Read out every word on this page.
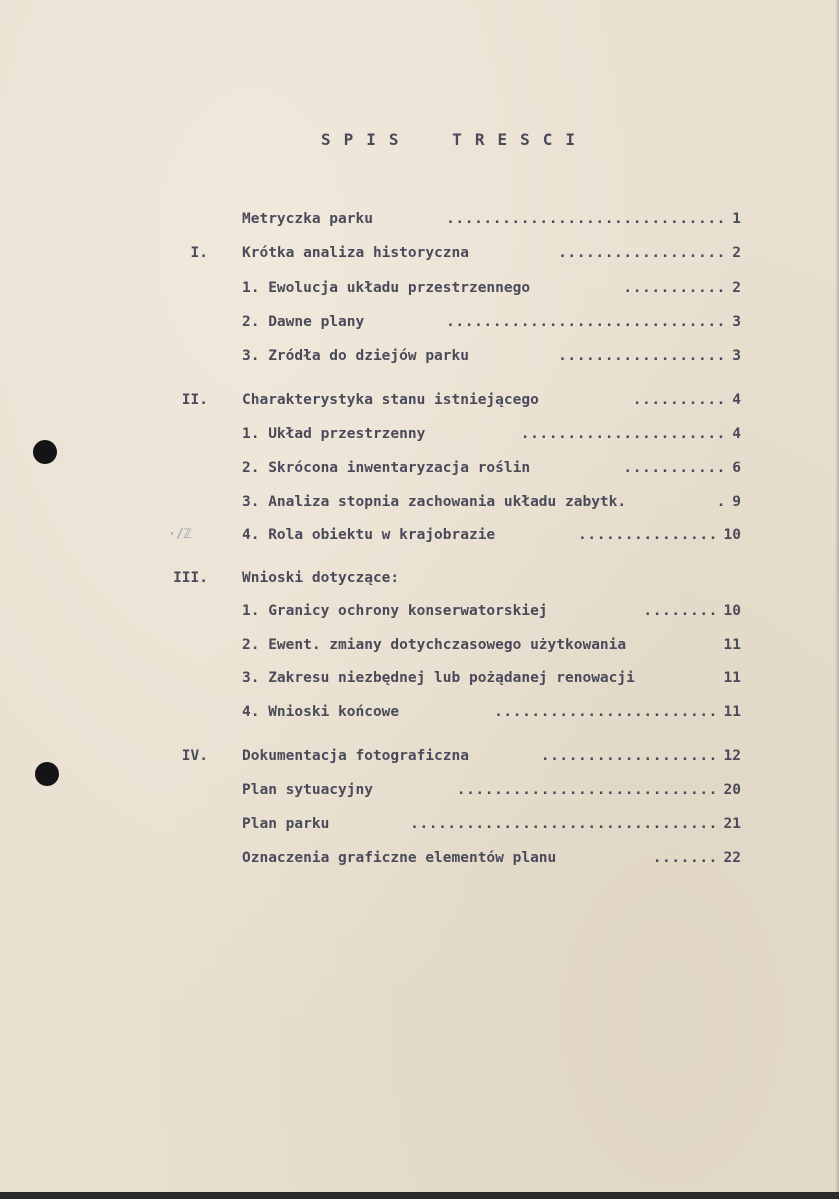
SPIS TRESCI
Metryczka parku	.............................. 1
I. Krótka analiza historyczna	.................. 2
1. Ewolucja układu przestrzennego	........... 2
2. Dawne plany	.............................. 3
3. Zródła do dziejów parku	.................. 3
II. Charakterystyka stanu istniejącego	.......... 4
1. Układ przestrzenny	...................... 4
2. Skrócona inwentaryzacja roślin	........... 6
3. Analiza stopnia zachowania układu zabytk.	. 9
4. Rola obiektu w krajobrazie	............... 10
III. Wnioski dotyczące:
1. Granicy ochrony konserwatorskiej	........ 10
2. Ewent. zmiany dotychczasowego użytkowania	11
3. Zakresu niezbędnej lub pożądanej renowacji	11
4. Wnioski końcowe	........................ 11
IV. Dokumentacja fotograficzna	................... 12
Plan sytuacyjny	............................ 20
Plan parku	................................. 21
Oznaczenia graficzne elementów planu	....... 22
·/ℤ
